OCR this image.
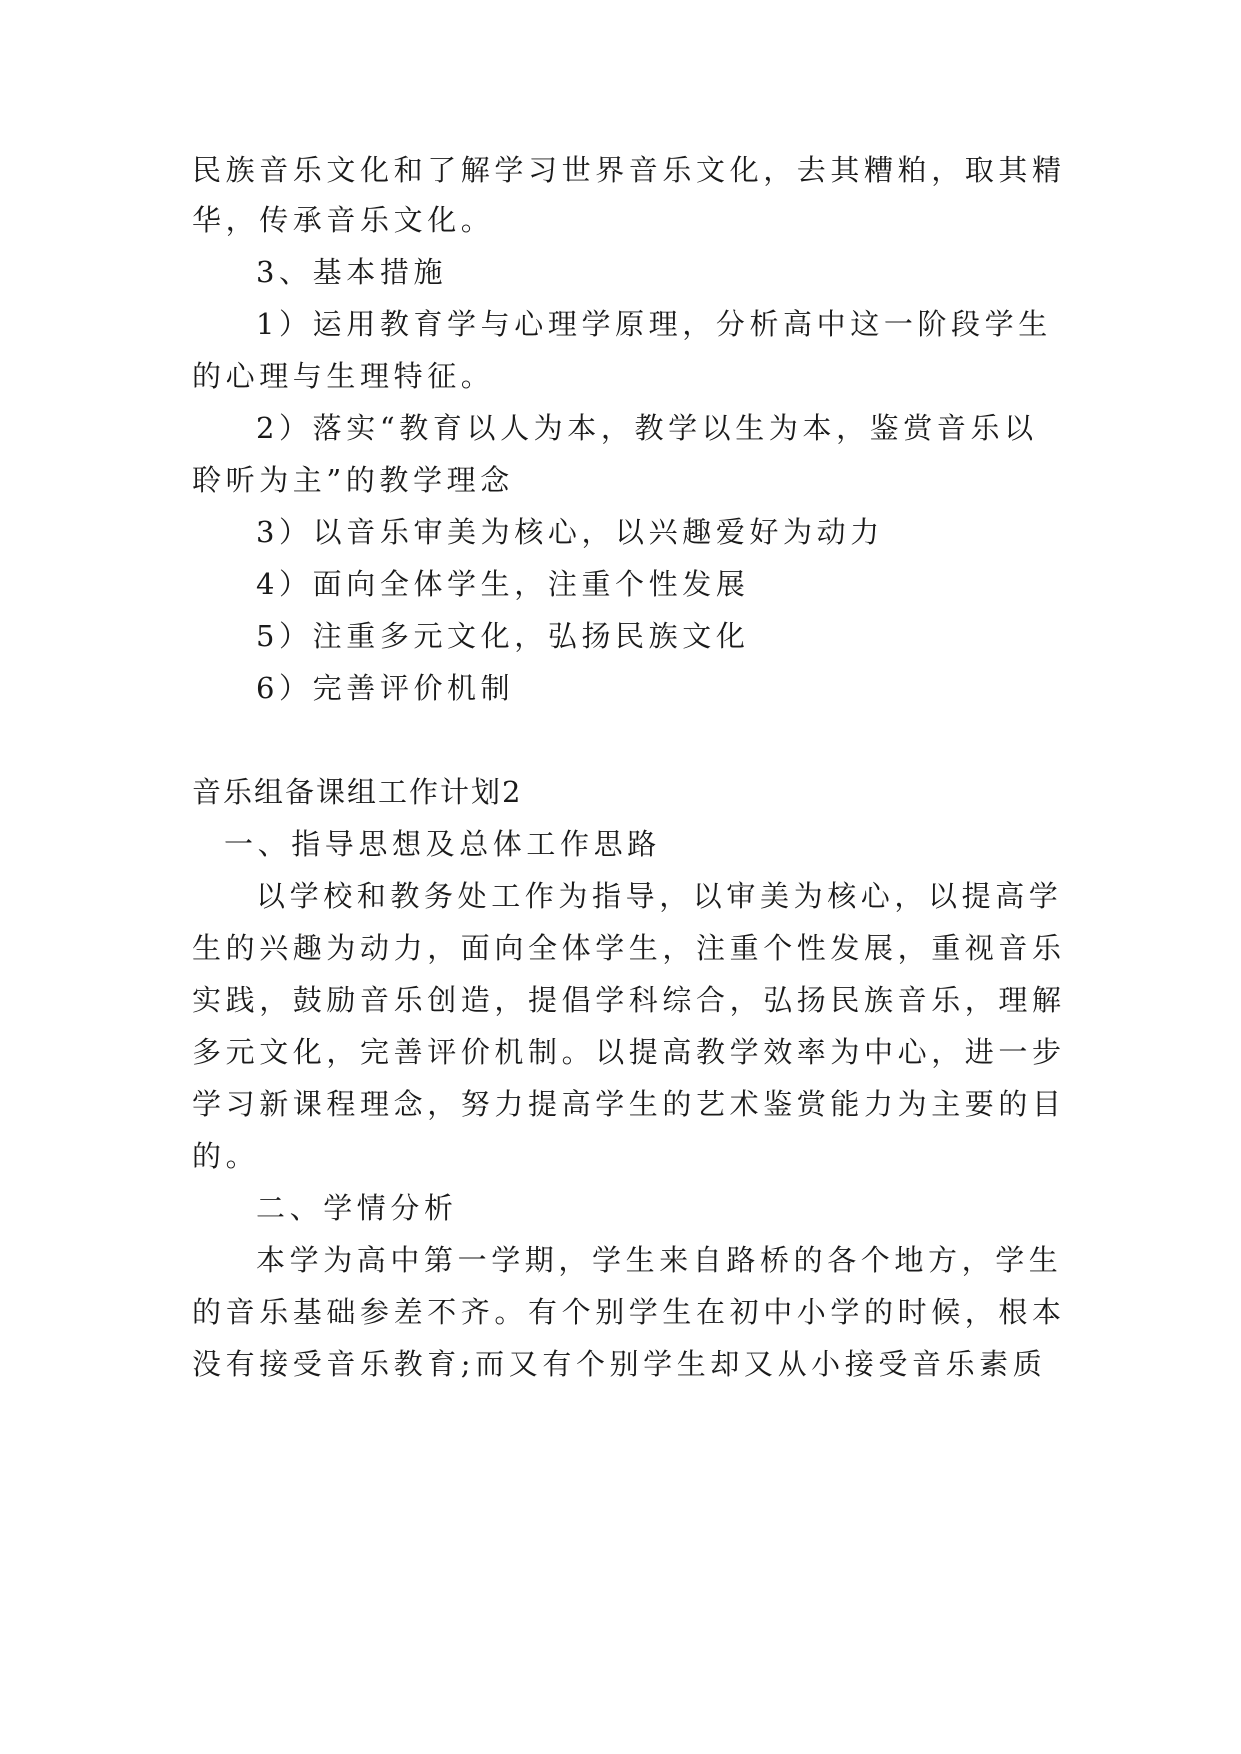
民族音乐文化和了解学习世界音乐文化，去其糟粕，取其精
华，传承音乐文化。
3、基本措施
1）运用教育学与心理学原理，分析高中这一阶段学生
的心理与生理特征。
2）落实“教育以人为本，教学以生为本，鉴赏音乐以
聆听为主”的教学理念
3）以音乐审美为核心，以兴趣爱好为动力
4）面向全体学生，注重个性发展
5）注重多元文化，弘扬民族文化
6）完善评价机制
音乐组备课组工作计划2
一、指导思想及总体工作思路
以学校和教务处工作为指导，以审美为核心，以提高学
生的兴趣为动力，面向全体学生，注重个性发展，重视音乐
实践，鼓励音乐创造，提倡学科综合，弘扬民族音乐，理解
多元文化，完善评价机制。以提高教学效率为中心，进一步
学习新课程理念，努力提高学生的艺术鉴赏能力为主要的目
的。
二、学情分析
本学为高中第一学期，学生来自路桥的各个地方，学生
的音乐基础参差不齐。有个别学生在初中小学的时候，根本
没有接受音乐教育;而又有个别学生却又从小接受音乐素质
